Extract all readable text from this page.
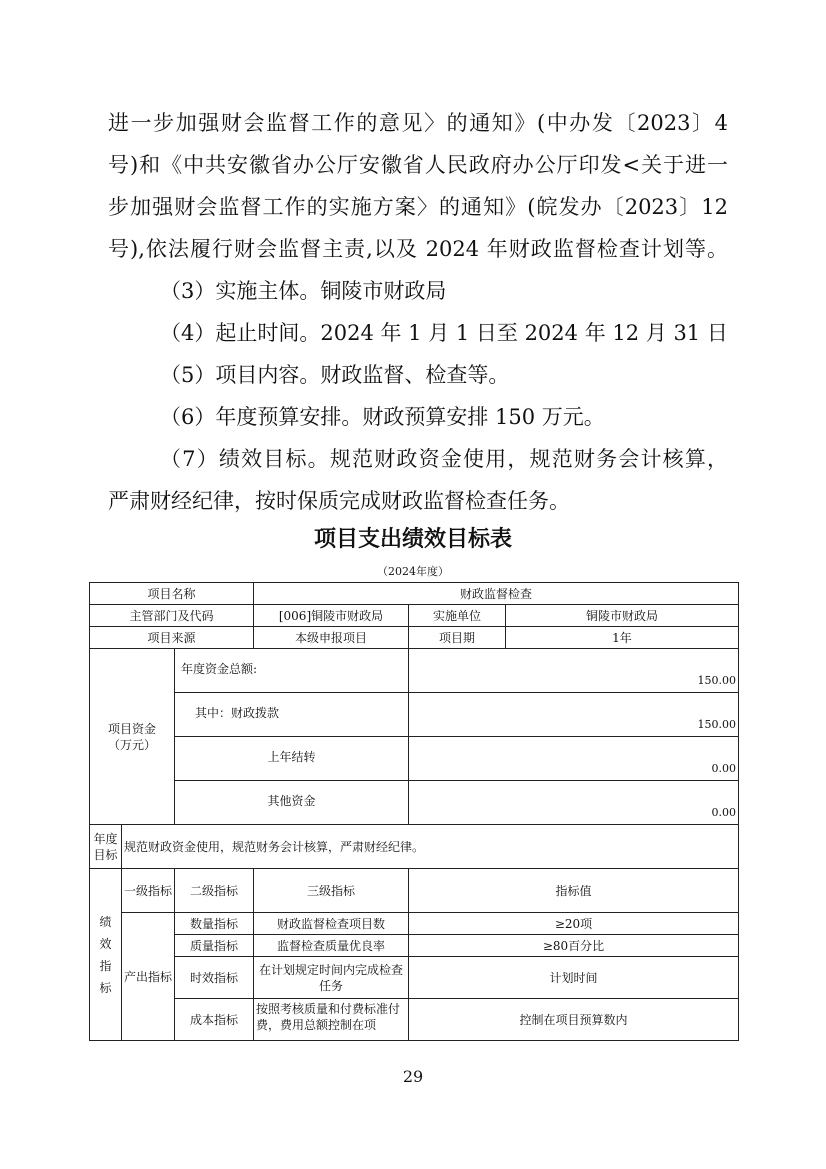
进一步加强财会监督工作的意见〉的通知》(中办发〔2023〕4
号)和《中共安徽省办公厅安徽省人民政府办公厅印发<关于进一
步加强财会监督工作的实施方案〉的通知》(皖发办〔2023〕12
号),依法履行财会监督主责,以及 2024 年财政监督检查计划等。
（3）实施主体。铜陵市财政局
（4）起止时间。2024 年 1 月 1 日至 2024 年 12 月 31 日
（5）项目内容。财政监督、检查等。
（6）年度预算安排。财政预算安排 150 万元。
（7）绩效目标。规范财政资金使用，规范财务会计核算，
严肃财经纪律，按时保质完成财政监督检查任务。
项目支出绩效目标表
（2024年度）
项目名称			财政监督检查		
主管部门及代码			[006]铜陵市财政局	实施单位	铜陵市财政局
项目来源			本级申报项目	项目期	1年

项目资金
（万元）		年度资金总额:		150.00	
		其中：财政拨款		150.00	
		上年结转		0.00	
		其他资金		0.00	

年度
目标	规范财政资金使用，规范财务会计核算，严肃财经纪律。				

绩
效
指
标	一级指标	二级指标	三级指标	指标值	
	产出指标	数量指标	财政监督检查项目数	≥20项	
		质量指标	监督检查质量优良率	≥80百分比	
		时效指标	在计划规定时间内完成检查任务	计划时间	
		成本指标	按照考核质量和付费标准付费，费用总额控制在项	控制在项目预算数内	
29
